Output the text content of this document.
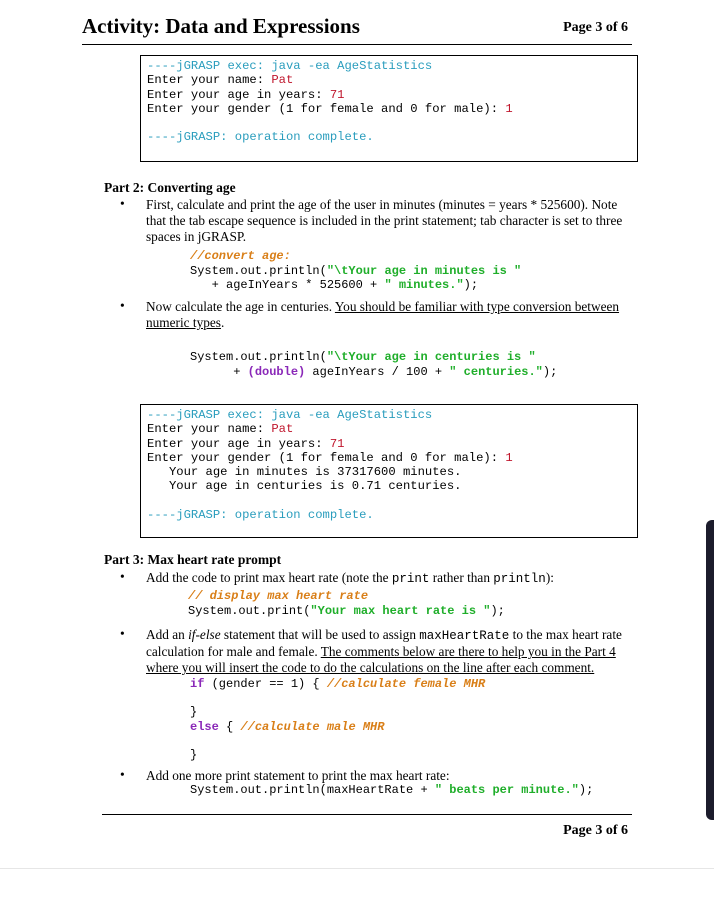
Activity: Data and Expressions	Page 3 of 6
----jGRASP exec: java -ea AgeStatistics
Enter your name: Pat
Enter your age in years: 71
Enter your gender (1 for female and 0 for male): 1
----jGRASP: operation complete.
Part 2: Converting age
• First, calculate and print the age of the user in minutes (minutes = years * 525600). Note that the tab escape sequence is included in the print statement; tab character is set to three spaces in jGRASP.
//convert age:
System.out.println("\tYour age in minutes is "
+ ageInYears * 525600 + " minutes.");
• Now calculate the age in centuries. You should be familiar with type conversion between numeric types.
System.out.println("\tYour age in centuries is "
+ (double) ageInYears / 100 + " centuries.");
----jGRASP exec: java -ea AgeStatistics
Enter your name: Pat
Enter your age in years: 71
Enter your gender (1 for female and 0 for male): 1
Your age in minutes is 37317600 minutes.
Your age in centuries is 0.71 centuries.
----jGRASP: operation complete.
Part 3: Max heart rate prompt
• Add the code to print max heart rate (note the print rather than println):
// display max heart rate
System.out.print("Your max heart rate is ");
• Add an if-else statement that will be used to assign maxHeartRate to the max heart rate calculation for male and female. The comments below are there to help you in the Part 4 where you will insert the code to do the calculations on the line after each comment.
if (gender == 1) { //calculate female MHR

}
else { //calculate male MHR

}
• Add one more print statement to print the max heart rate:
System.out.println(maxHeartRate + " beats per minute.");
Page 3 of 6
